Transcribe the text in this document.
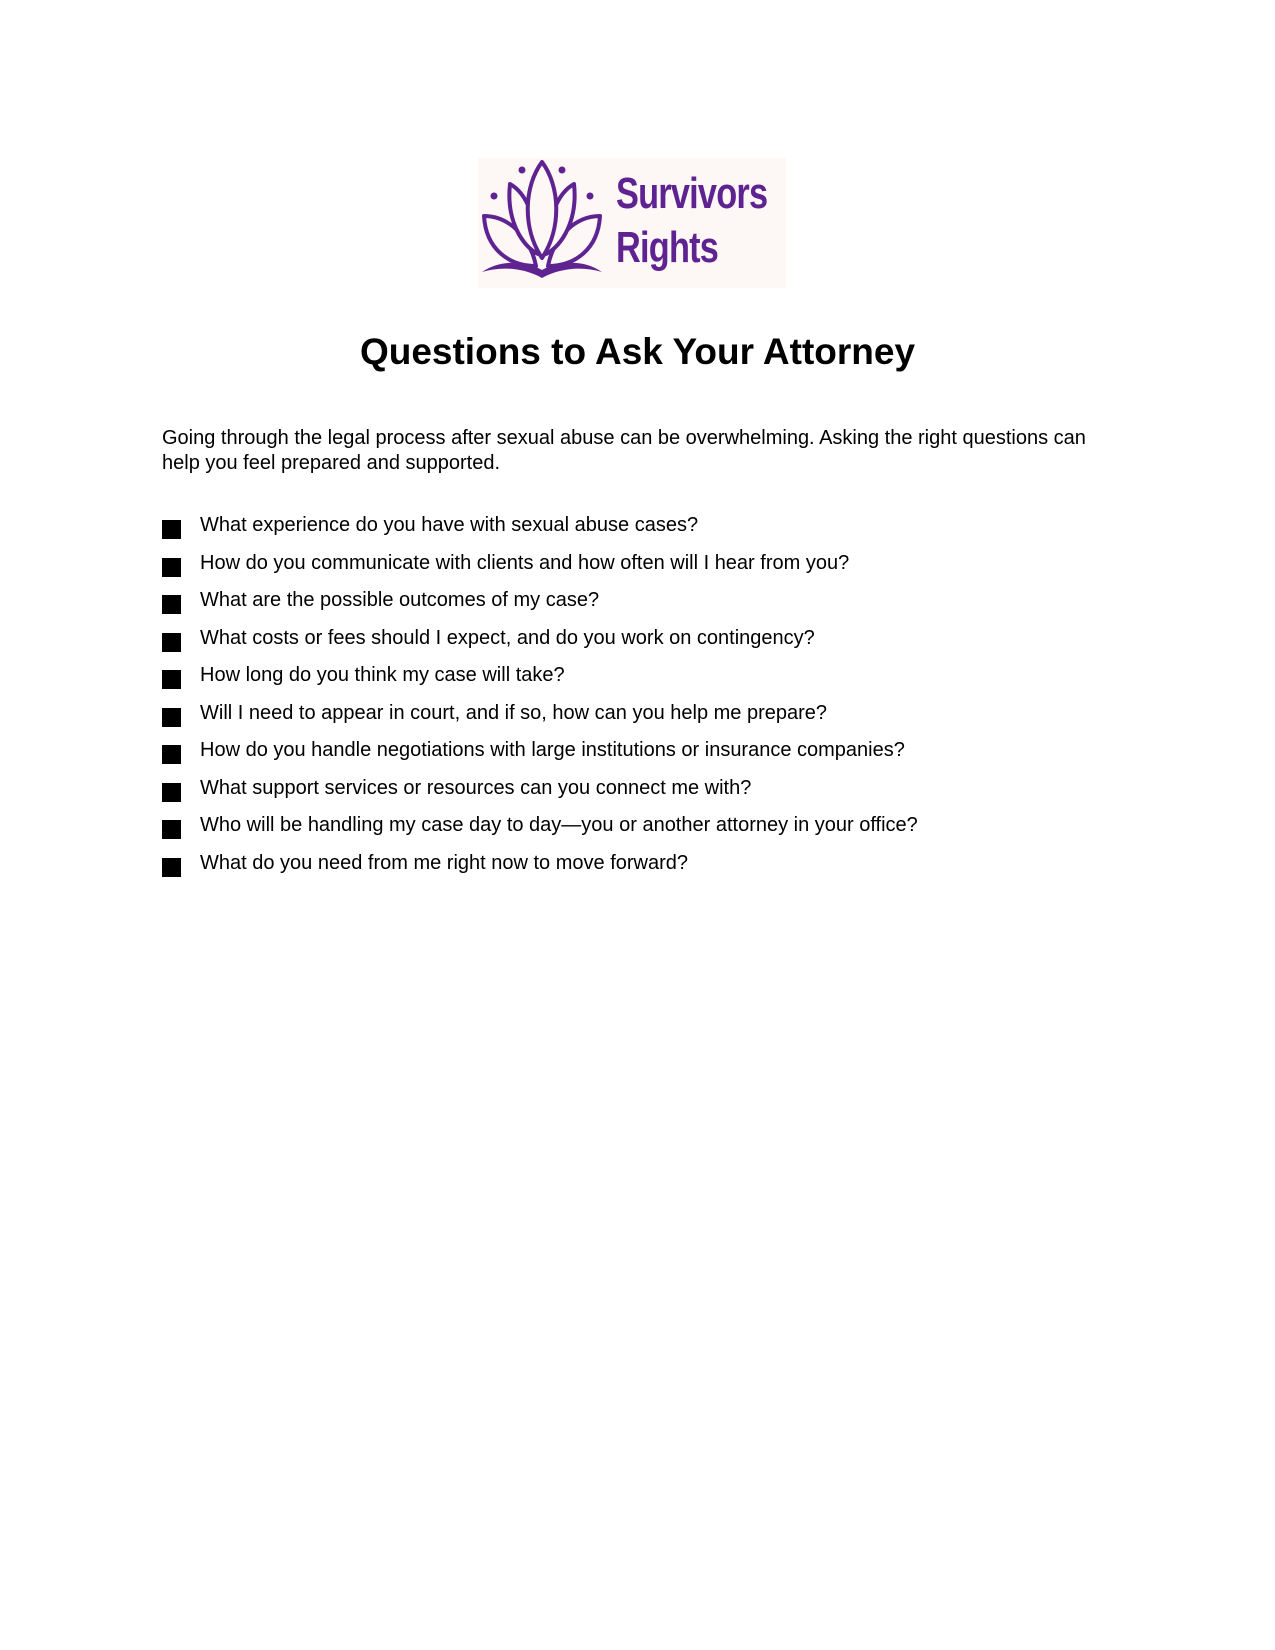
Survivors
Rights
Questions to Ask Your Attorney

Going through the legal process after sexual abuse can be overwhelming. Asking the right questions can help you feel prepared and supported.

What experience do you have with sexual abuse cases?
How do you communicate with clients and how often will I hear from you?
What are the possible outcomes of my case?
What costs or fees should I expect, and do you work on contingency?
How long do you think my case will take?
Will I need to appear in court, and if so, how can you help me prepare?
How do you handle negotiations with large institutions or insurance companies?
What support services or resources can you connect me with?
Who will be handling my case day to day—you or another attorney in your office?
What do you need from me right now to move forward?
